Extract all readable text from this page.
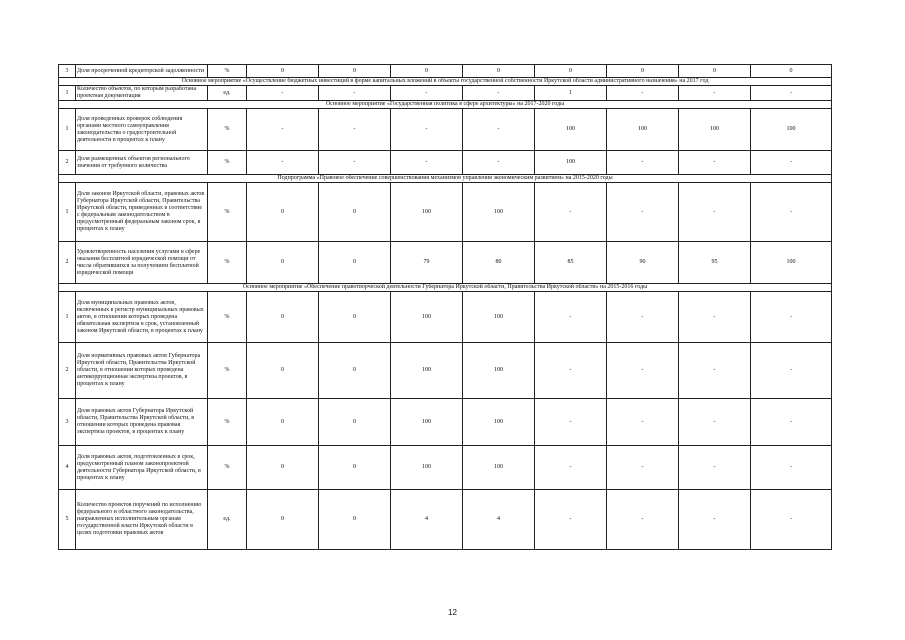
3	Доля просроченной кредиторской задолженности	%	0	0	0	0	0	0	0	0
Основное мероприятие «Осуществление бюджетных инвестиций в форме капитальных вложений в объекты государственной собственности Иркутской области административного назначения» на 2017 год										
1	Количество объектов, по которым разработана проектная документация	ед.	-	-	-	-	1	-	-	-
Основное мероприятие «Государственная политика в сфере архитектуры» на 2017-2020 годы										
1	Доля проведенных проверок соблюдения органами местного самоуправления законодательства о градостроительной деятельности в процентах к плану	%	-	-	-	-	100	100	100	100
2	Доля размещенных объектов регионального значения от требуемого количества	%	-	-	-	-	100	-	-	-
Подпрограмма «Правовое обеспечение совершенствования механизмов управления экономическим развитием» на 2015-2020 годы										
1	Доля законов Иркутской области, правовых актов Губернатора Иркутской области, Правительства Иркутской области, приведенных в соответствие с федеральным законодательством в предусмотренный федеральным законом срок, в процентах к плану	%	0	0	100	100	-	-	-	-
2	Удовлетворенность населения услугами в сфере оказания бесплатной юридической помощи от числа обратившихся за получением бесплатной юридической помощи	%	0	0	79	80	85	90	95	100
Основное мероприятие «Обеспечение правотворческой деятельности Губернатора Иркутской области, Правительства Иркутской области» на 2015-2016 годы										
1	Доля муниципальных правовых актов, включенных в регистр муниципальных правовых актов, в отношении которых проведена обязательная экспертиза в срок, установленный законом Иркутской области, в процентах к плану	%	0	0	100	100	-	-	-	-
2	Доля нормативных правовых актов Губернатора Иркутской области, Правительства Иркутской области, в отношении которых проведена антикоррупционная экспертиза проектов, в процентах к плану	%	0	0	100	100	-	-	-	-
3	Доля правовых актов Губернатора Иркутской области, Правительства Иркутской области, в отношении которых проведена правовая экспертиза проектов, в процентах к плану	%	0	0	100	100	-	-	-	-
4	Доля правовых актов, подготовленных в срок, предусмотренный планом законопроектной деятельности Губернатора Иркутской области, в процентах к плану	%	0	0	100	100	-	-	-	-
5	Количество проектов поручений по исполнению федерального и областного законодательства, направленных исполнительным органам государственной власти Иркутской области в целях подготовки правовых актов	ед.	0	0	4	4	-	-	-	-
12
